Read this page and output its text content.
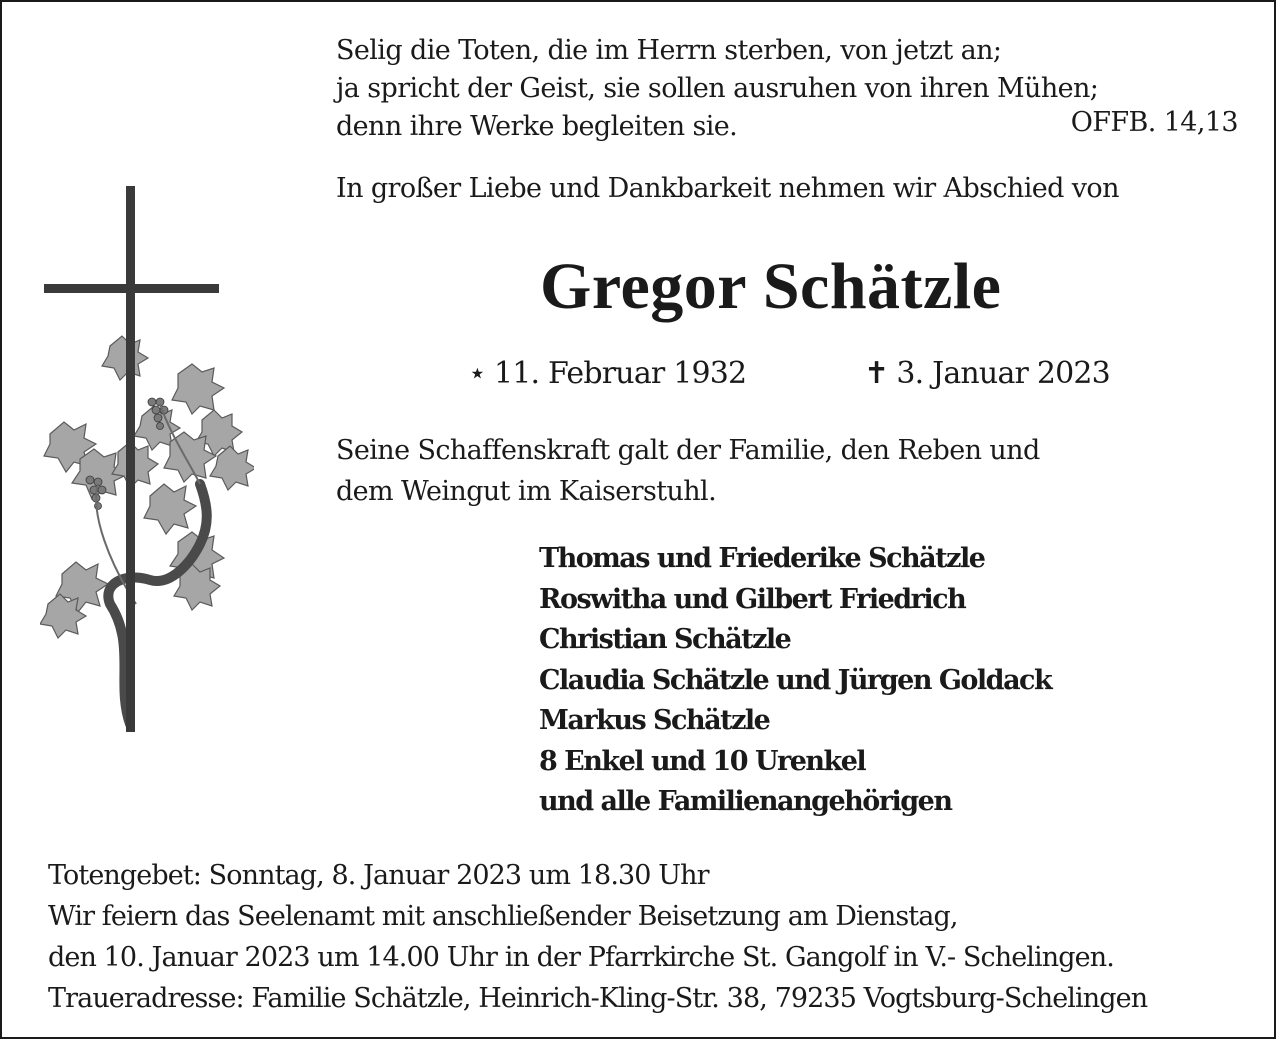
Selig die Toten, die im Herrn sterben, von jetzt an;
ja spricht der Geist, sie sollen ausruhen von ihren Mühen;
denn ihre Werke begleiten sie.	OFFB. 14,13
In großer Liebe und Dankbarkeit nehmen wir Abschied von
Gregor Schätzle
⋆ 11. Februar 1932	✝ 3. Januar 2023
Seine Schaffenskraft galt der Familie, den Reben und
dem Weingut im Kaiserstuhl.
Thomas und Friederike Schätzle
Roswitha und Gilbert Friedrich
Christian Schätzle
Claudia Schätzle und Jürgen Goldack
Markus Schätzle
8 Enkel und 10 Urenkel
und alle Familienangehörigen
Totengebet: Sonntag, 8. Januar 2023 um 18.30 Uhr
Wir feiern das Seelenamt mit anschließender Beisetzung am Dienstag,
den 10. Januar 2023 um 14.00 Uhr in der Pfarrkirche St. Gangolf in V.- Schelingen.
Traueradresse: Familie Schätzle, Heinrich-Kling-Str. 38, 79235 Vogtsburg-Schelingen
